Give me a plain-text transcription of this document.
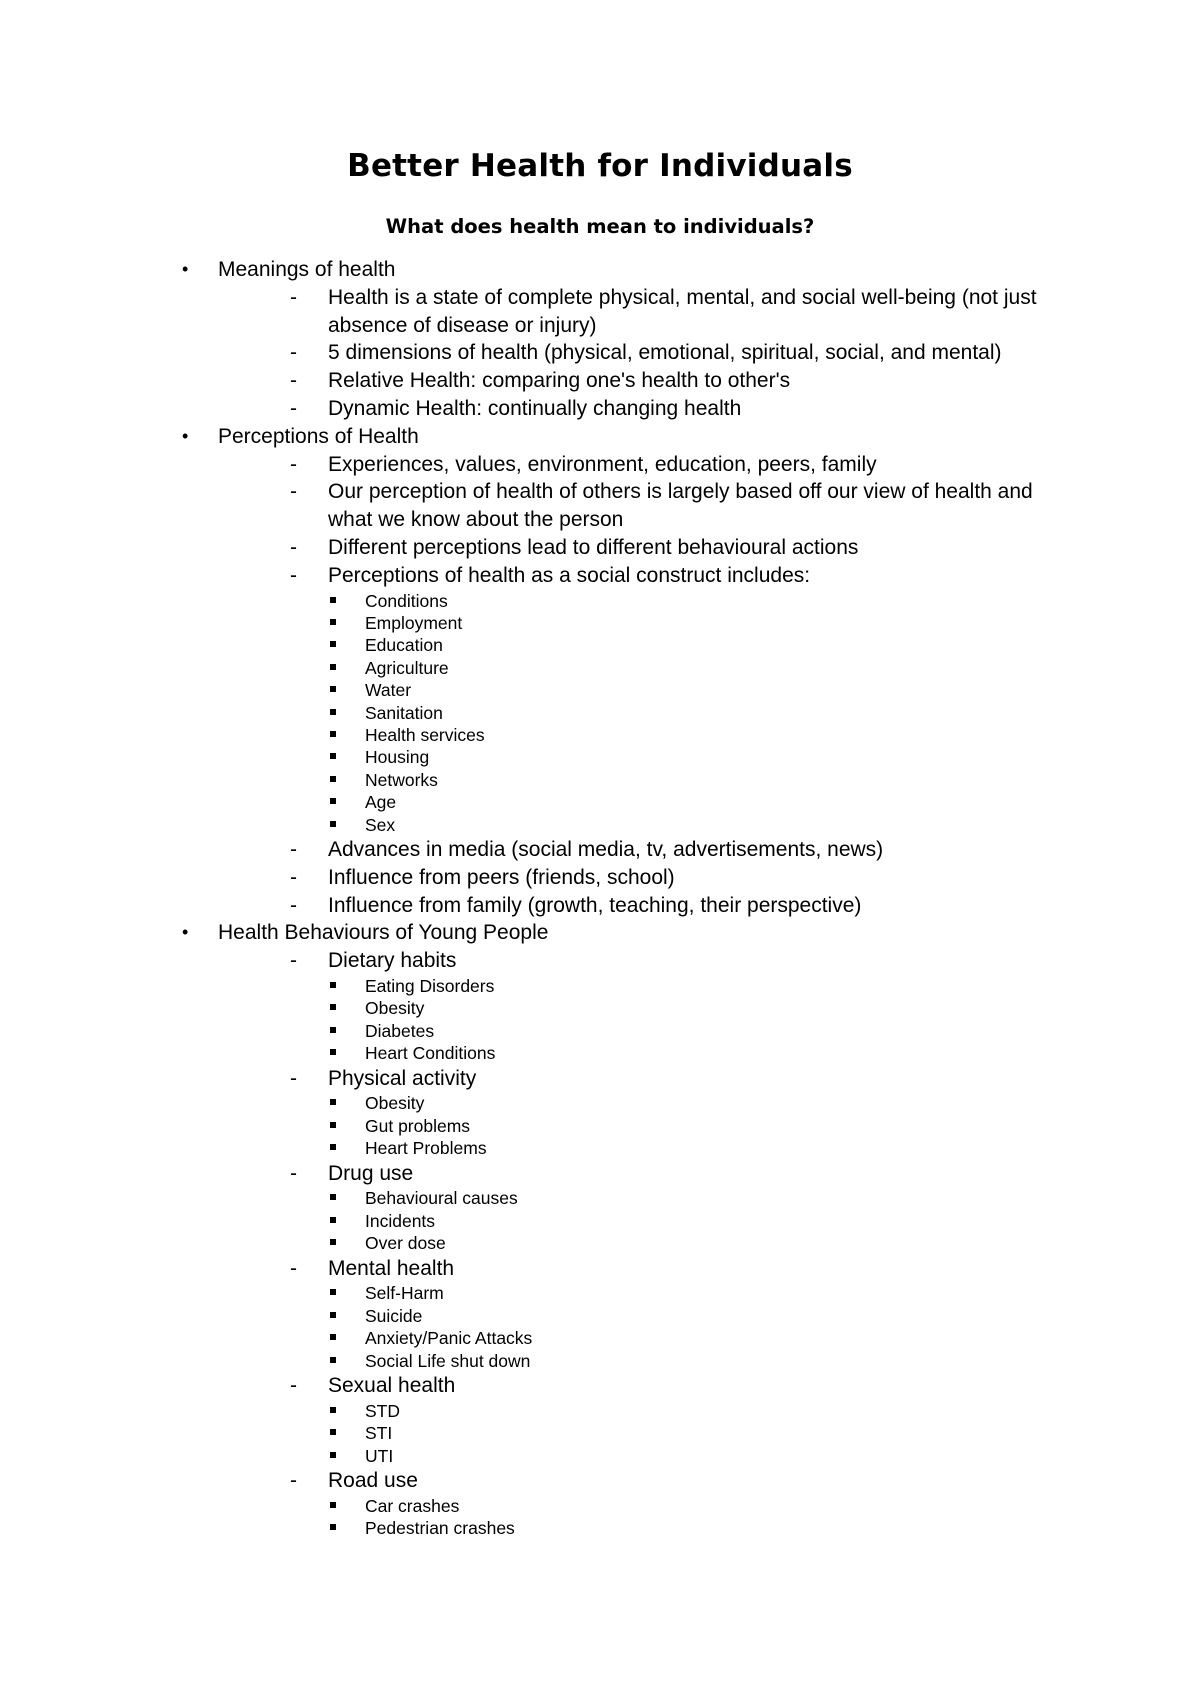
Better Health for Individuals
What does health mean to individuals?
• Meanings of health
- Health is a state of complete physical, mental, and social well-being (not just absence of disease or injury)
- 5 dimensions of health (physical, emotional, spiritual, social, and mental)
- Relative Health: comparing one's health to other's
- Dynamic Health: continually changing health
• Perceptions of Health
- Experiences, values, environment, education, peers, family
- Our perception of health of others is largely based off our view of health and what we know about the person
- Different perceptions lead to different behavioural actions
- Perceptions of health as a social construct includes:
Conditions
Employment
Education
Agriculture
Water
Sanitation
Health services
Housing
Networks
Age
Sex
- Advances in media (social media, tv, advertisements, news)
- Influence from peers (friends, school)
- Influence from family (growth, teaching, their perspective)
• Health Behaviours of Young People
- Dietary habits
Eating Disorders
Obesity
Diabetes
Heart Conditions
- Physical activity
Obesity
Gut problems
Heart Problems
- Drug use
Behavioural causes
Incidents
Over dose
- Mental health
Self-Harm
Suicide
Anxiety/Panic Attacks
Social Life shut down
- Sexual health
STD
STI
UTI
- Road use
Car crashes
Pedestrian crashes
